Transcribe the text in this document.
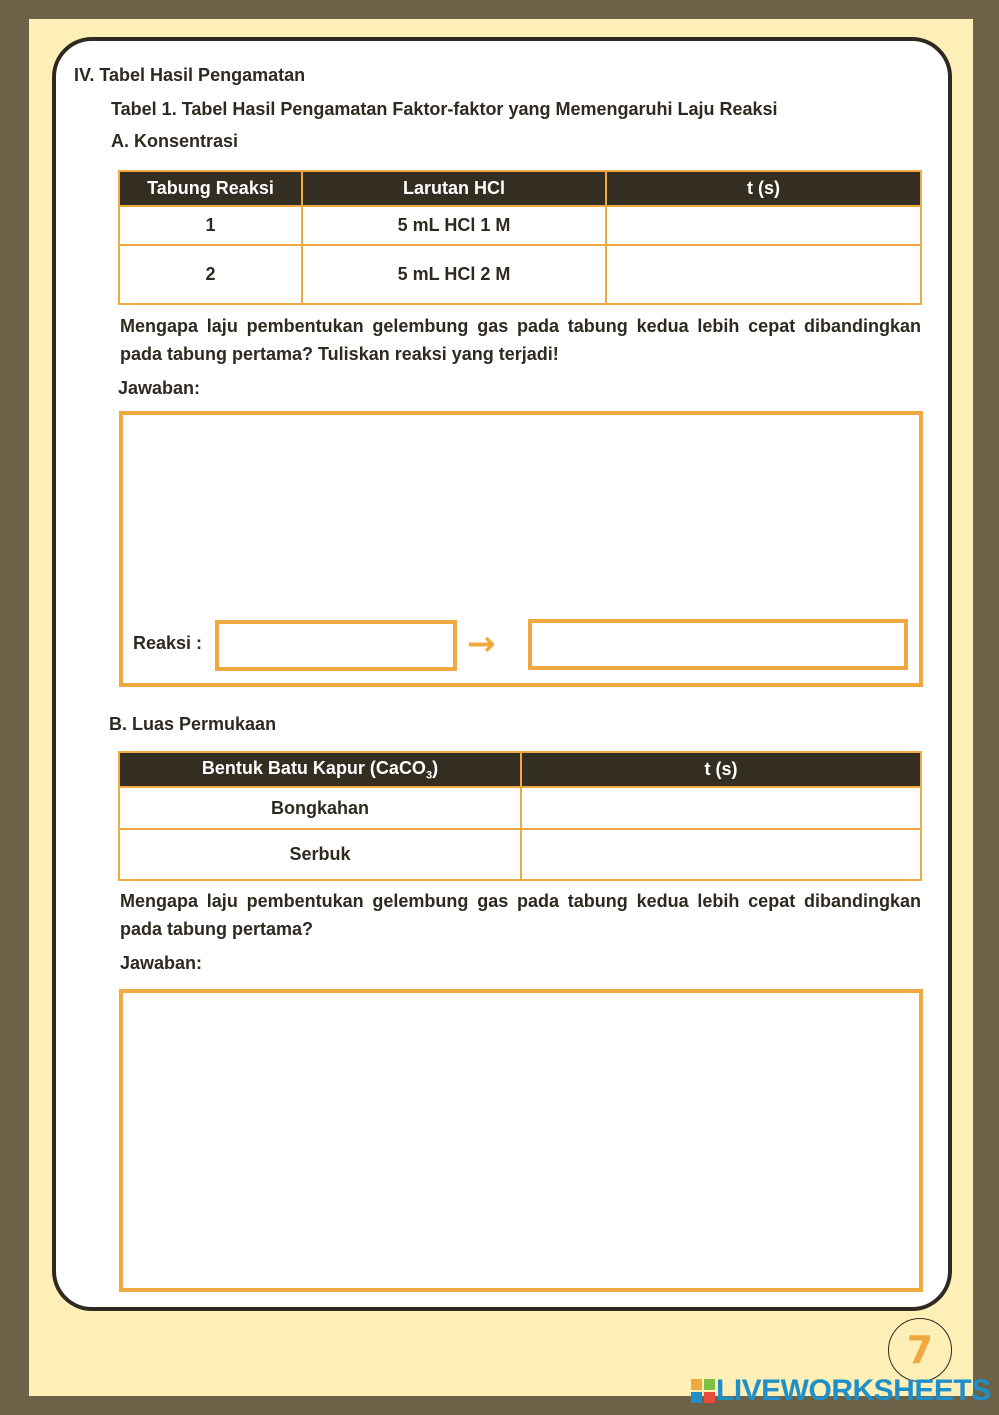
IV. Tabel Hasil Pengamatan
Tabel 1. Tabel Hasil Pengamatan Faktor-faktor yang Memengaruhi Laju Reaksi
A. Konsentrasi
Tabung Reaksi	Larutan HCl	t (s)
1	5 mL HCl 1 M	
2	5 mL HCl 2 M	
Mengapa laju pembentukan gelembung gas pada tabung kedua lebih cepat dibandingkan pada tabung pertama? Tuliskan reaksi yang terjadi!
Jawaban:
Reaksi :	→
B. Luas Permukaan
Bentuk Batu Kapur (CaCO$_3$)	t (s)
Bongkahan	
Serbuk	
Mengapa laju pembentukan gelembung gas pada tabung kedua lebih cepat dibandingkan pada tabung pertama?
Jawaban:
7
LIVEWORKSHEETS
